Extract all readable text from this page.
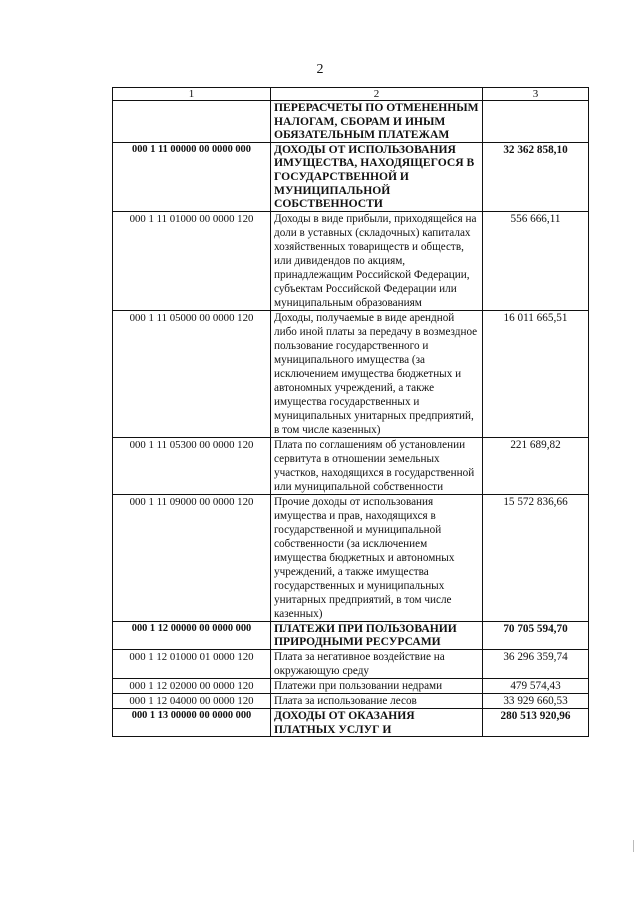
2
1	2	3
	ПЕРЕРАСЧЕТЫ ПО ОТМЕНЕННЫМ НАЛОГАМ, СБОРАМ И ИНЫМ ОБЯЗАТЕЛЬНЫМ ПЛАТЕЖАМ	
000 1 11 00000 00 0000 000	ДОХОДЫ ОТ ИСПОЛЬЗОВАНИЯ ИМУЩЕСТВА, НАХОДЯЩЕГОСЯ В ГОСУДАРСТВЕННОЙ И МУНИЦИПАЛЬНОЙ СОБСТВЕННОСТИ	32 362 858,10
000 1 11 01000 00 0000 120	Доходы в виде прибыли, приходящейся на доли в уставных (складочных) капиталах хозяйственных товариществ и обществ, или дивидендов по акциям, принадлежащим Российской Федерации, субъектам Российской Федерации или муниципальным образованиям	556 666,11
000 1 11 05000 00 0000 120	Доходы, получаемые в виде арендной либо иной платы за передачу в возмездное пользование государственного и муниципального имущества (за исключением имущества бюджетных и автономных учреждений, а также имущества государственных и муниципальных унитарных предприятий, в том числе казенных)	16 011 665,51
000 1 11 05300 00 0000 120	Плата по соглашениям об установлении сервитута в отношении земельных участков, находящихся в государственной или муниципальной собственности	221 689,82
000 1 11 09000 00 0000 120	Прочие доходы от использования имущества и прав, находящихся в государственной и муниципальной собственности (за исключением имущества бюджетных и автономных учреждений, а также имущества государственных и муниципальных унитарных предприятий, в том числе казенных)	15 572 836,66
000 1 12 00000 00 0000 000	ПЛАТЕЖИ ПРИ ПОЛЬЗОВАНИИ ПРИРОДНЫМИ РЕСУРСАМИ	70 705 594,70
000 1 12 01000 01 0000 120	Плата за негативное воздействие на окружающую среду	36 296 359,74
000 1 12 02000 00 0000 120	Платежи при пользовании недрами	479 574,43
000 1 12 04000 00 0000 120	Плата за использование лесов	33 929 660,53
000 1 13 00000 00 0000 000	ДОХОДЫ ОТ ОКАЗАНИЯ ПЛАТНЫХ УСЛУГ И	280 513 920,96
